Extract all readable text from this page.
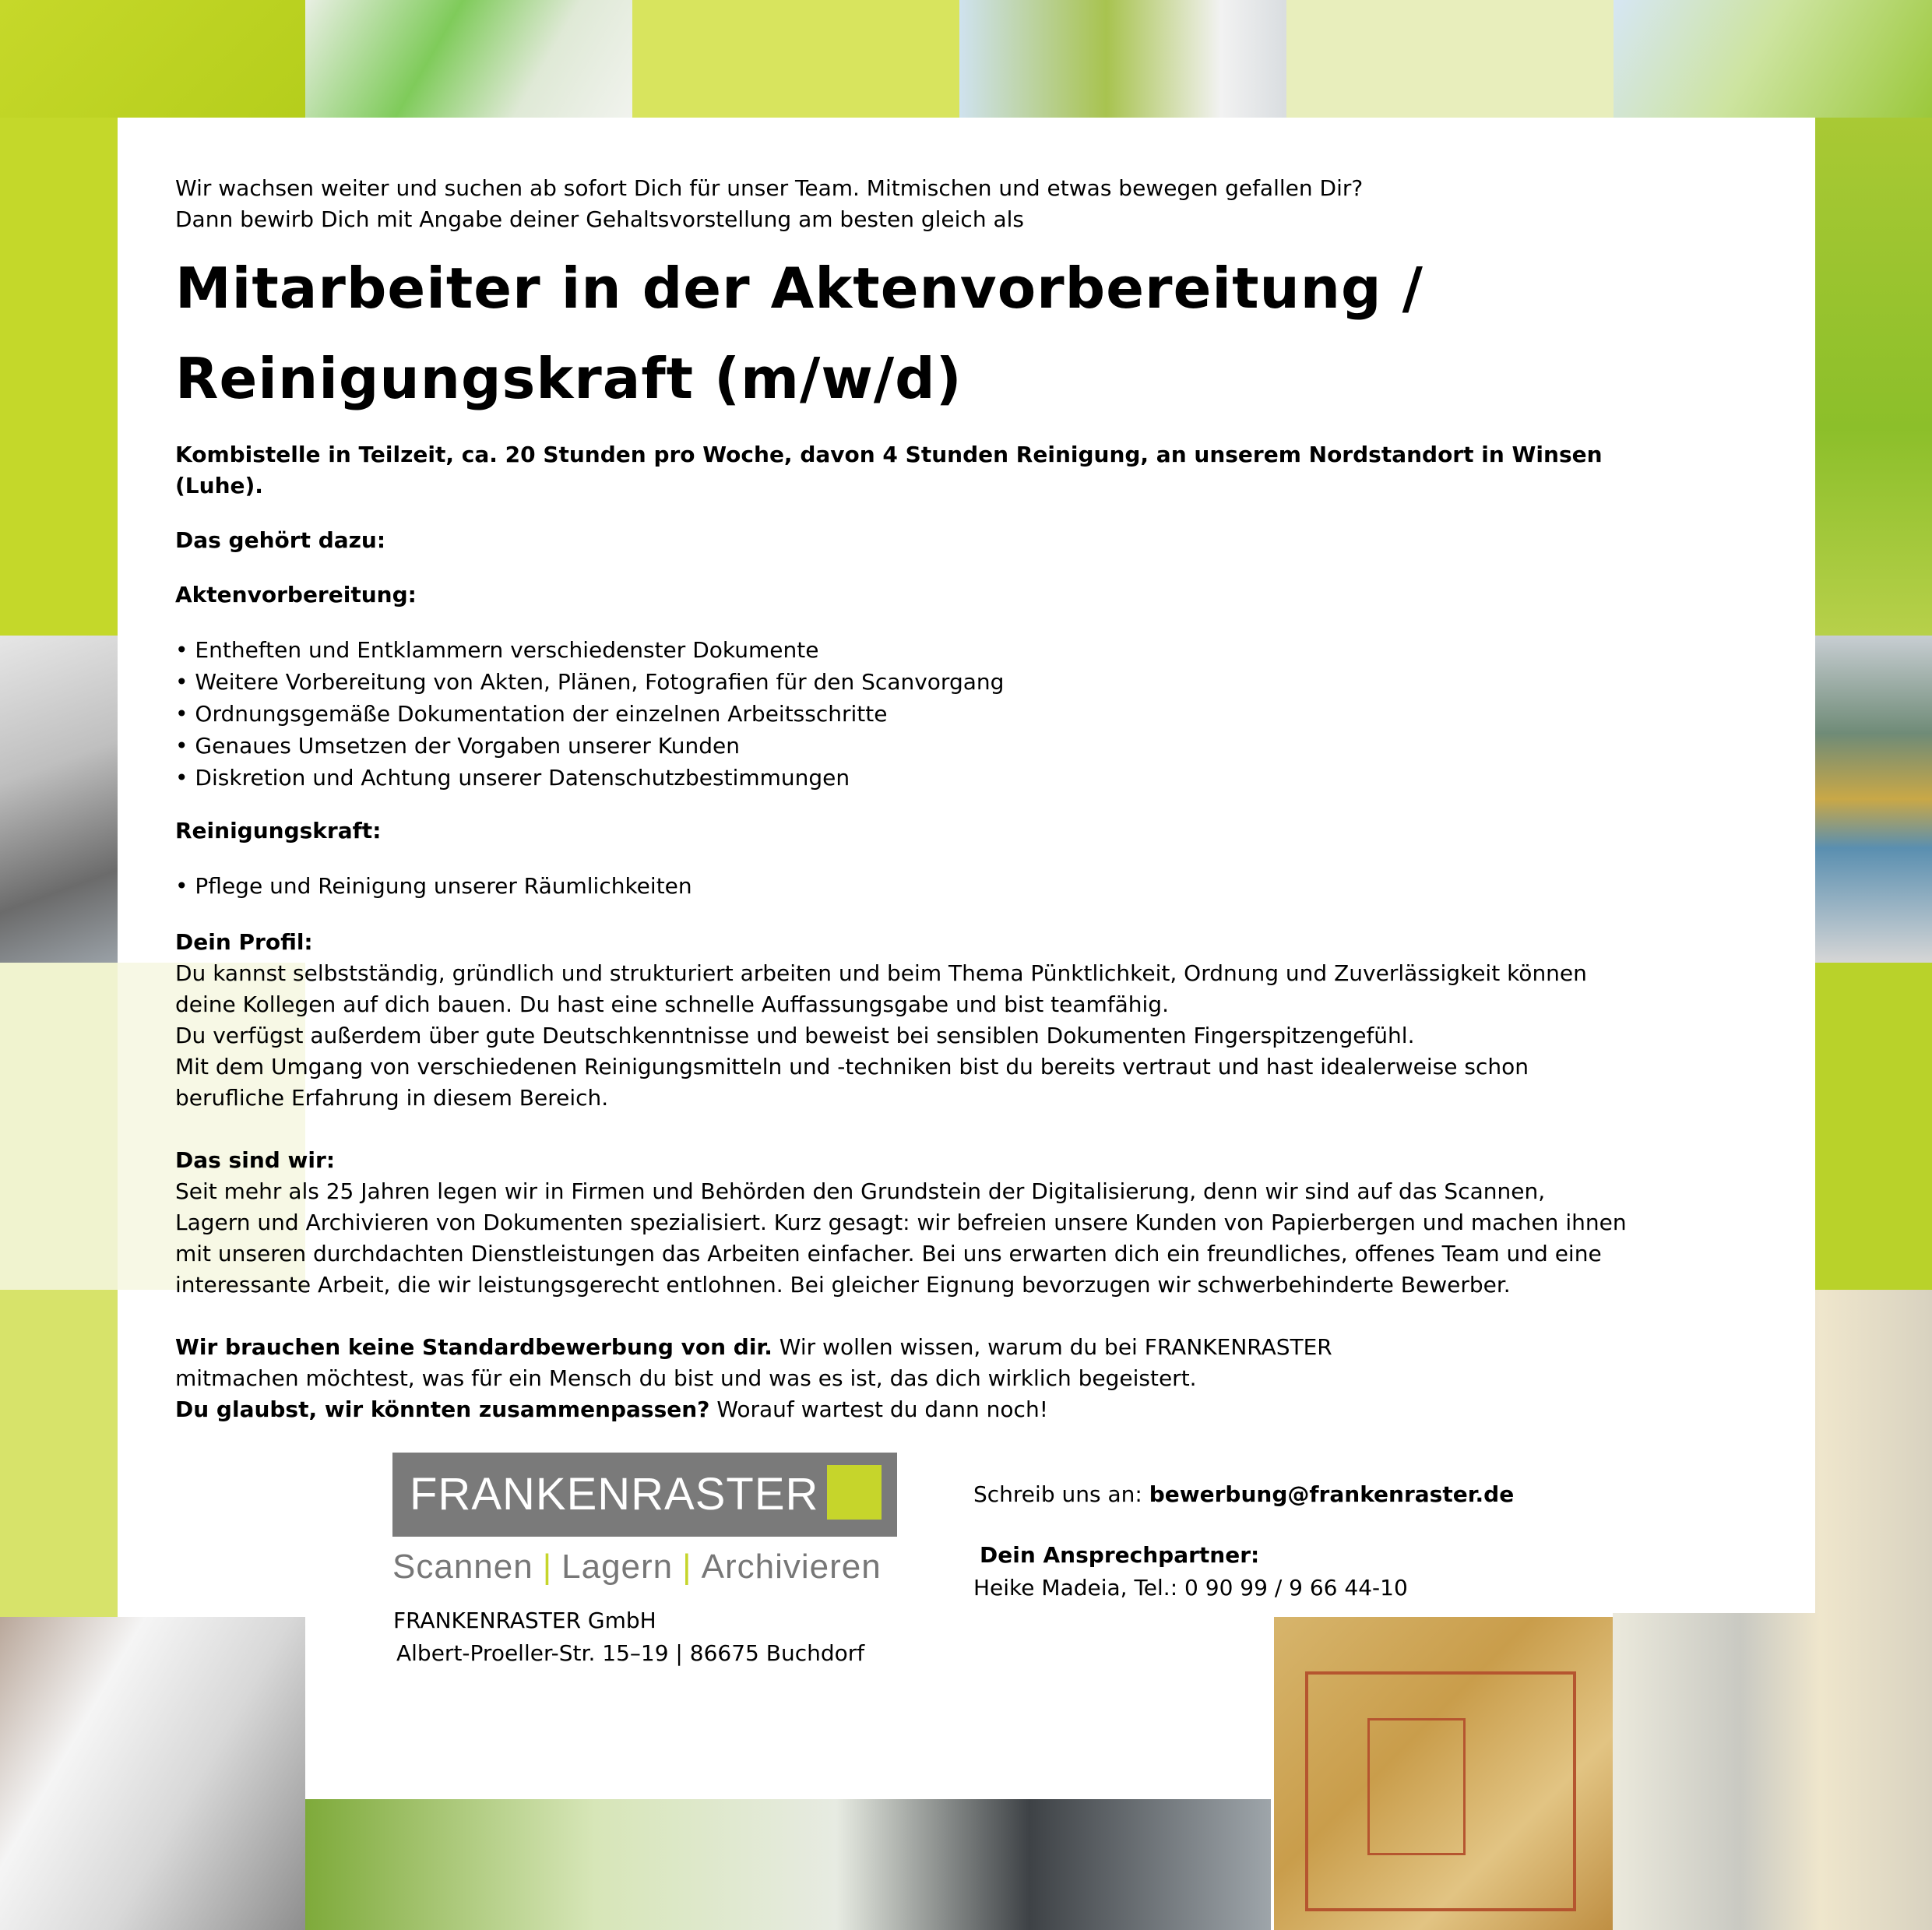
Wir wachsen weiter und suchen ab sofort Dich für unser Team. Mitmischen und etwas bewegen gefallen Dir?

Dann bewirb Dich mit Angabe deiner Gehaltsvorstellung am besten gleich als

Mitarbeiter in der Aktenvorbereitung /
Reinigungskraft (m/w/d)

Kombistelle in Teilzeit, ca. 20 Stunden pro Woche, davon 4 Stunden Reinigung, an unserem Nordstandort in Winsen
(Luhe).

Das gehört dazu:

Aktenvorbereitung:

• Entheften und Entklammern verschiedenster Dokumente
• Weitere Vorbereitung von Akten, Plänen, Fotografien für den Scanvorgang
• Ordnungsgemäße Dokumentation der einzelnen Arbeitsschritte
• Genaues Umsetzen der Vorgaben unserer Kunden
• Diskretion und Achtung unserer Datenschutzbestimmungen

Reinigungskraft:

• Pflege und Reinigung unserer Räumlichkeiten

Dein Profil:

Du kannst selbstständig, gründlich und strukturiert arbeiten und beim Thema Pünktlichkeit, Ordnung und Zuverlässigkeit können

deine Kollegen auf dich bauen. Du hast eine schnelle Auffassungsgabe und bist teamfähig.

Du verfügst außerdem über gute Deutschkenntnisse und beweist bei sensiblen Dokumenten Fingerspitzengefühl.

Mit dem Umgang von verschiedenen Reinigungsmitteln und -techniken bist du bereits vertraut und hast idealerweise schon

berufliche Erfahrung in diesem Bereich.

Das sind wir:

Seit mehr als 25 Jahren legen wir in Firmen und Behörden den Grundstein der Digitalisierung, denn wir sind auf das Scannen,

Lagern und Archivieren von Dokumenten spezialisiert. Kurz gesagt: wir befreien unsere Kunden von Papierbergen und machen ihnen

mit unseren durchdachten Dienstleistungen das Arbeiten einfacher. Bei uns erwarten dich ein freundliches, offenes Team und eine

interessante Arbeit, die wir leistungsgerecht entlohnen. Bei gleicher Eignung bevorzugen wir schwerbehinderte Bewerber.

Wir brauchen keine Standardbewerbung von dir. Wir wollen wissen, warum du bei FRANKENRASTER

mitmachen möchtest, was für ein Mensch du bist und was es ist, das dich wirklich begeistert.

Du glaubst, wir könnten zusammenpassen? Worauf wartest du dann noch!

FRANKENRASTER
Scannen | Lagern | Archivieren
FRANKENRASTER GmbH
Albert-Proeller-Str. 15–19 | 86675 Buchdorf
Schreib uns an: bewerbung@frankenraster.de
Dein Ansprechpartner:
Heike Madeia, Tel.: 0 90 99 / 9 66 44-10
